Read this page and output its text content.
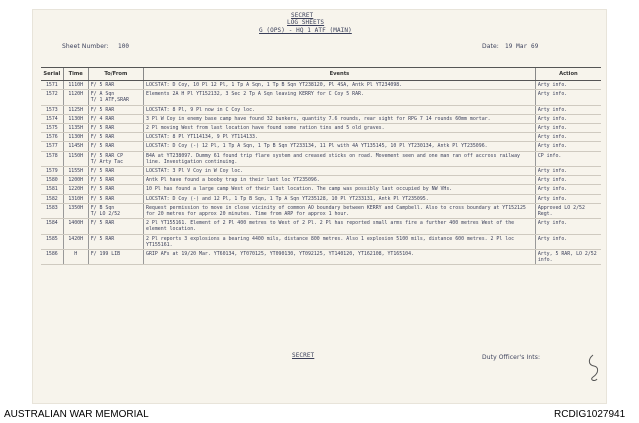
SECRET
LOG SHEETS
G (OPS) - HQ 1 ATF (MAIN)
Sheet Number: 100	Date: 19 Mar 69
Serial	Time	To/From	Events	Action
1571	1110H	F/ 5 RAR	LOCSTAT: D Coy, 10 Pl 12 Pl, 1 Tp A Sqn, 1 Tp B Sqn YT238120, Pl 4SA, Antk Pl YT234098.	Arty info.
1572	1120H	F/ A Sqn
T/ 1 ATF,SRAR	Elements 2A H Pl YT152132, 3 Sec 2 Tp A Sqn leaving KERRY for C Coy 5 RAR.	Arty info.
1573	1125H	F/ 5 RAR	LOCSTAT: 8 Pl, 9 Pl now in C Coy loc.	Arty info.
1574	1130H	F/ 4 RAR	3 Pl W Coy in enemy base camp have found 32 bunkers, quantity 7.6 rounds, rear sight for RPG 7 14 rounds 60mm mortar.	Arty info.
1575	1135H	F/ 5 RAR	2 Pl moving West from last location have found some ration tins and 5 old graves.	Arty info.
1576	1130H	F/ 5 RAR	LOCSTAT: 8 Pl YT114134, 9 Pl YT114133.	Arty info.
1577	1145H	F/ 5 RAR	LOCSTAT: D Coy (-) 12 Pl, 1 Tp A Sqn, 1 Tp B Sqn YT233134, 11 Pl with 4A YT135145, 10 Pl YT230134, Antk Pl YT235096.	Arty info.
1578	1150H	F/ 5 RAR CP
T/ Arty Tac	B4A at YT238097. Dummy 61 found trip flare system and creased sticks on road. Movement seen and one man ran off accross railway line. Investigation continuing.	CP info.
1579	1155H	F/ 5 RAR	LOCSTAT: 3 Pl V Coy in W Coy loc.	Arty info.
1580	1200H	F/ 5 RAR	Antk Pl have found a booby trap in their last loc YT235096.	Arty info.
1581	1220H	F/ 5 RAR	10 Pl has found a large camp West of their last location. The camp was possibly last occupied by NW VHs.	Arty info.
1582	1310H	F/ 5 RAR	LOCSTAT: D Coy (-) and 12 Pl, 1 Tp B Sqn, 1 Tp A Sqn YT235128, 10 Pl YT233131, Antk Pl YT235095.	Arty info.
1583	1350H	F/ B Sqn
T/ LO 2/52	Request permission to move in close vicinity of common AO boundary between KERRY and Campbell. Also to cross boundary at YT152125 for 20 metres for approx 20 minutes. Time from ARP for approx 1 hour.	Approved LO 2/52 Regt.
1584	1400H	F/ 5 RAR	2 Pl YT155161. Element of 2 Pl 400 metres to West of 2 Pl. 2 Pl has reported small arms fire a further 400 metres West of the element location.	Arty info.
1585	1420H	F/ 5 RAR	2 Pl reports 3 explosions a bearing 4400 mils, distance 800 metres. Also 1 explosion 5100 mils, distance 600 metres. 2 Pl loc YT155161.	Arty info.
1586	H	F/ 199 LIB	GRIP AFs at 19/20 Mar. YT60134, YT070125, YT090130, YT092125, YT140120, YT162108, YT165104.	Arty, 5 RAR, LO 2/52 info.
SECRET	Duty Officer's Ints:
AUSTRALIAN WAR MEMORIAL	RCDIG1027941
